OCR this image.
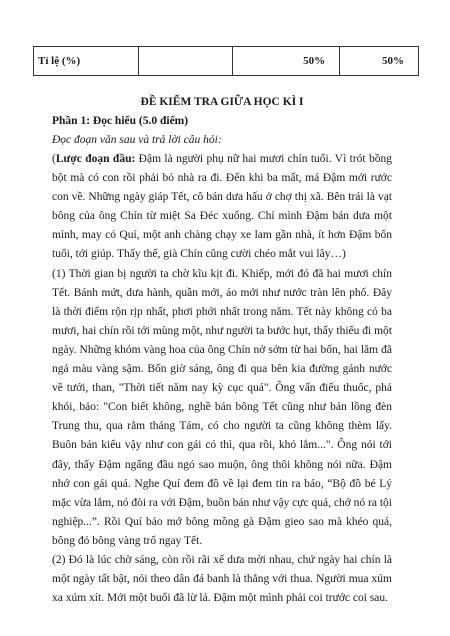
Tỉ lệ (%)		50%	50%

ĐỀ KIỂM TRA GIỮA HỌC KÌ I

Phần 1: Đọc hiểu (5.0 điểm)

Đọc đoạn văn sau và trả lời câu hỏi:

(Lược đoạn đầu: Đậm là người phụ nữ hai mươi chín tuổi. Vì trót bồng bột mà có con rồi phải bỏ nhà ra đi. Đến khi ba mất, má Đậm mới rước con về. Những ngày giáp Tết, cô bán dưa hấu ở chợ thị xã. Bên trái là vạt bông của ông Chín từ miệt Sa Đéc xuống. Chỉ mình Đậm bán dưa một mình, may có Quí, một anh chàng chạy xe lam gần nhà, ít hơn Đậm bốn tuổi, tới giúp. Thấy thế, già Chín cũng cười chéo mắt vui lây…)

(1) Thời gian bị người ta chờ kĩu kịt đi. Khiếp, mới đó đã hai mươi chín Tết. Bánh mứt, dưa hành, quần mới, áo mới như nước tràn lên phố. Đây là thời điểm rộn rịp nhất, phơi phới nhất trong năm. Tết này không có ba mươi, hai chín rồi tới mùng một, như người ta bước hụt, thấy thiếu đi một ngày. Những khóm vàng hoa của ông Chín nở sớm từ hai bốn, hai lăm đã ngả màu vàng sậm. Bốn giờ sáng, ông đi qua bên kia đường gánh nước về tưới, than, "Thời tiết năm nay kỳ cục quá". Ông vấn điếu thuốc, phả khói, bảo: "Con biết không, nghề bán bông Tết cũng như bán lồng đèn Trung thu, qua rằm tháng Tám, có cho người ta cũng không thèm lấy. Buôn bán kiểu vậy như con gái có thì, qua rồi, khó lắm...". Ông nói tới đây, thấy Đậm ngẩng đầu ngó sao muộn, ông thôi không nói nữa. Đậm nhớ con gái quá. Nghe Quí đem đồ về lại đem tin ra báo, “Bộ đồ bé Lý mặc vừa lắm, nó đòi ra với Đậm, buồn bán như vậy cực quá, chớ nó ra tội nghiệp...”. Rồi Quí bảo mớ bông mồng gà Đậm gieo sao mà khéo quá, bông đỏ bông vàng trổ ngay Tết.

(2) Đó là lúc chờ sáng, còn rồi rãi xế dưa mời nhau, chứ ngày hai chín là một ngày tất bật, nói theo dân đá banh là thẳng với thua. Người mua xúm xa xúm xít. Mới một buổi đã lừ lả. Đậm một mình phải coi trước coi sau.
